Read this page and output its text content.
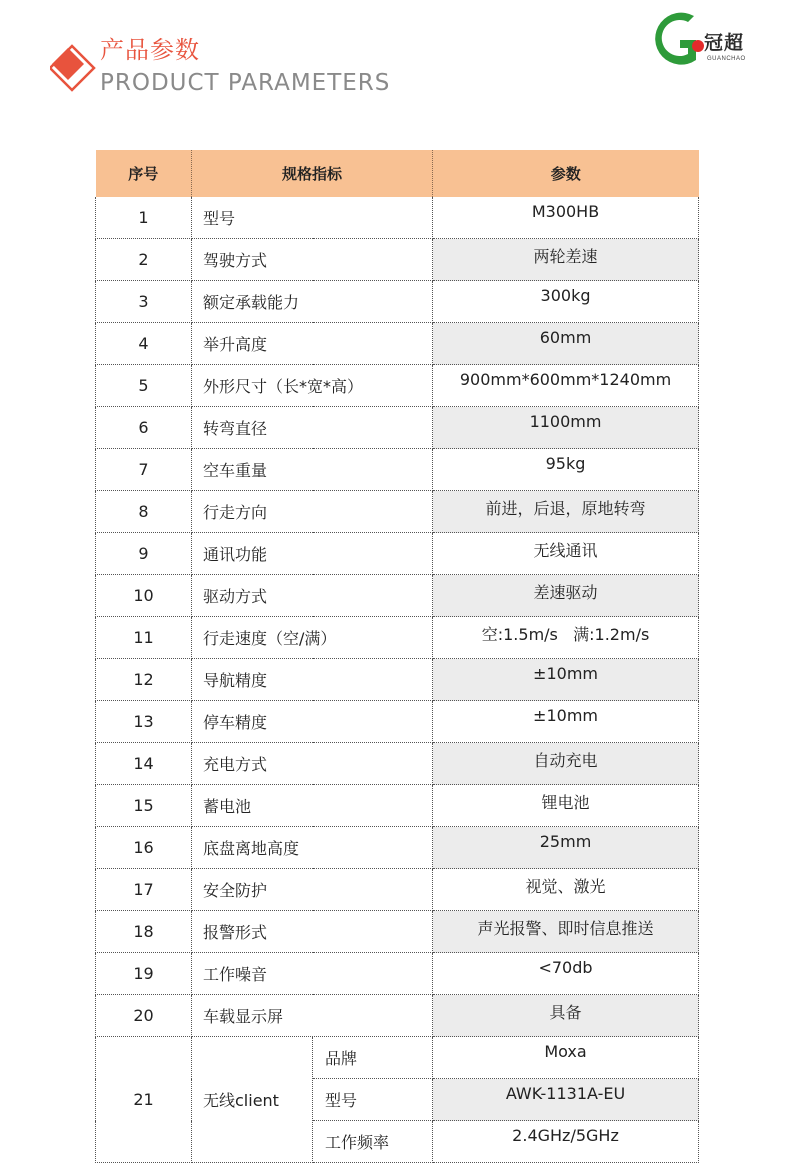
产品参数
PRODUCT PARAMETERS
冠超
GUANCHAO
序号	规格指标		参数
1	型号		M300HB
2	驾驶方式		两轮差速
3	额定承载能力		300kg
4	举升高度		60mm
5	外形尺寸（长*宽*高）		900mm*600mm*1240mm
6	转弯直径		1100mm
7	空车重量		95kg
8	行走方向		前进，后退，原地转弯
9	通讯功能		无线通讯
10	驱动方式		差速驱动
11	行走速度（空/满）		空:1.5m/s   满:1.2m/s
12	导航精度		±10mm
13	停车精度		±10mm
14	充电方式		自动充电
15	蓄电池		锂电池
16	底盘离地高度		25mm
17	安全防护		视觉、激光
18	报警形式		声光报警、即时信息推送
19	工作噪音		<70db
20	车载显示屏		具备
21	无线client	品牌	Moxa
		型号	AWK-1131A-EU
		工作频率	2.4GHz/5GHz
